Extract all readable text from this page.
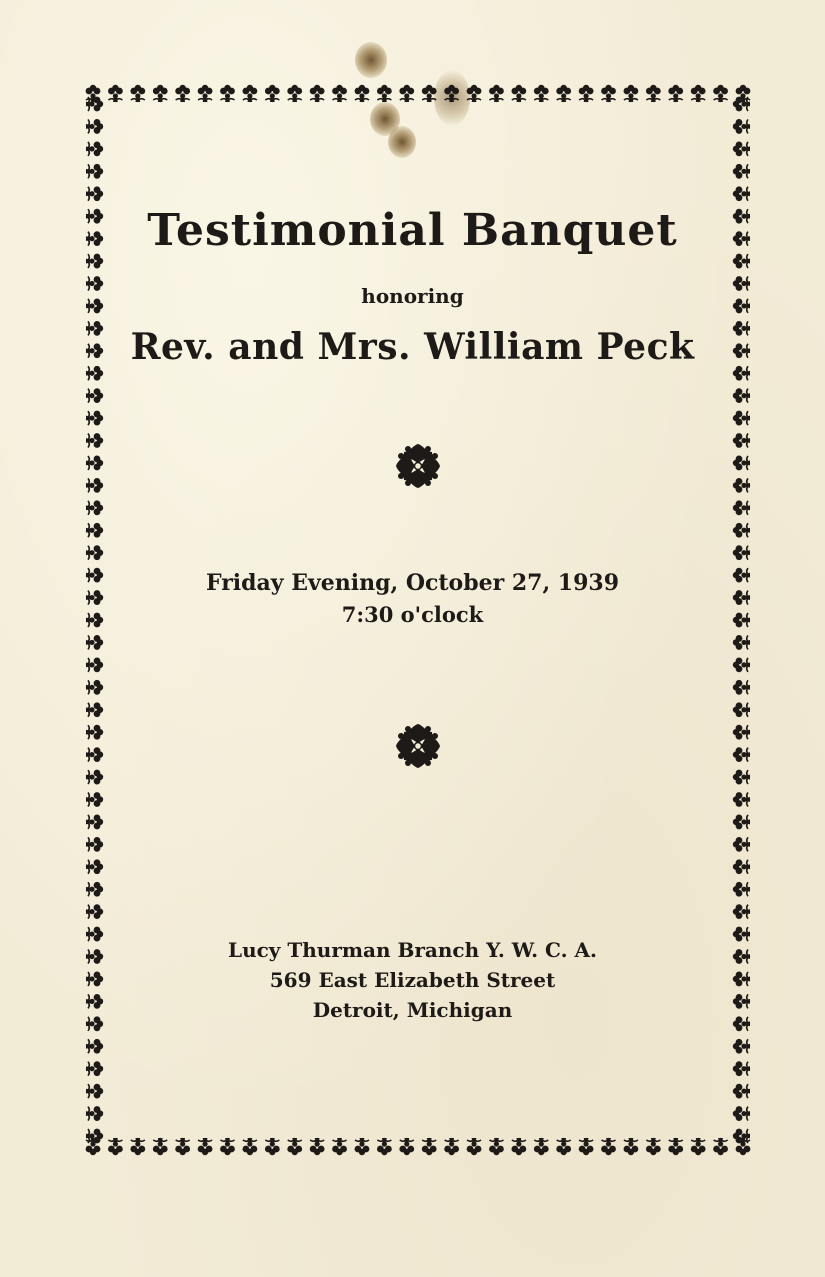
Testimonial Banquet
honoring
Rev. and Mrs. William Peck
Friday Evening, October 27, 1939
7:30 o'clock
Lucy Thurman Branch Y. W. C. A.
569 East Elizabeth Street
Detroit, Michigan
